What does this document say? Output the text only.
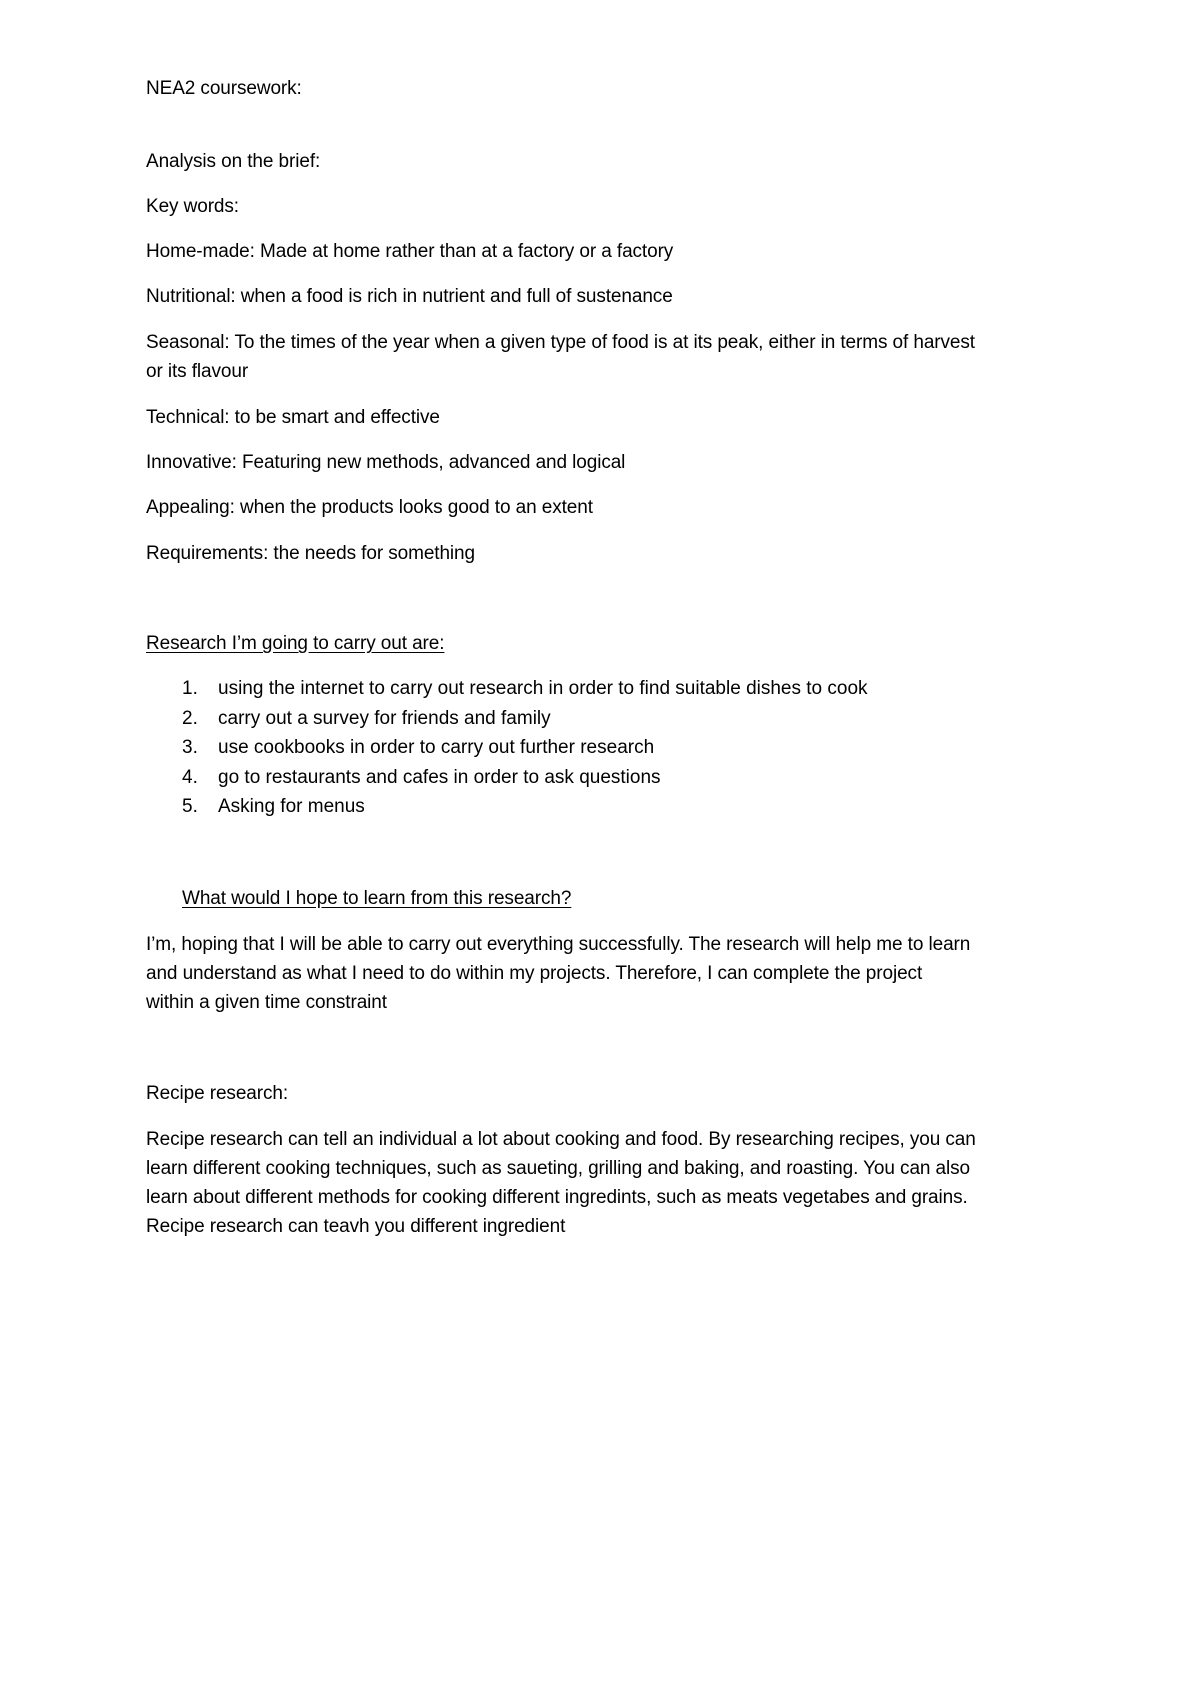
NEA2 coursework:
Analysis on the brief:
Key words:
Home-made: Made at home rather than at a factory or a factory
Nutritional: when a food is rich in nutrient and full of sustenance
Seasonal: To the times of the year when a given type of food is at its peak, either in terms of harvest
or its flavour
Technical: to be smart and effective
Innovative: Featuring new methods, advanced and logical
Appealing: when the products looks good to an extent
Requirements: the needs for something
Research I’m going to carry out are:
1. using the internet to carry out research in order to find suitable dishes to cook
2. carry out a survey for friends and family
3. use cookbooks in order to carry out further research
4. go to restaurants and cafes in order to ask questions
5. Asking for menus
What would I hope to learn from this research?
I’m, hoping that I will be able to carry out everything successfully. The research will help me to learn
and understand as what I need to do within my projects. Therefore, I can complete the project
within a given time constraint
Recipe research:
Recipe research can tell an individual a lot about cooking and food. By researching recipes, you can
learn different cooking techniques, such as saueting, grilling and baking, and roasting. You can also
learn about different methods for cooking different ingredints, such as meats vegetabes and grains.
Recipe research can teavh you different ingredient
